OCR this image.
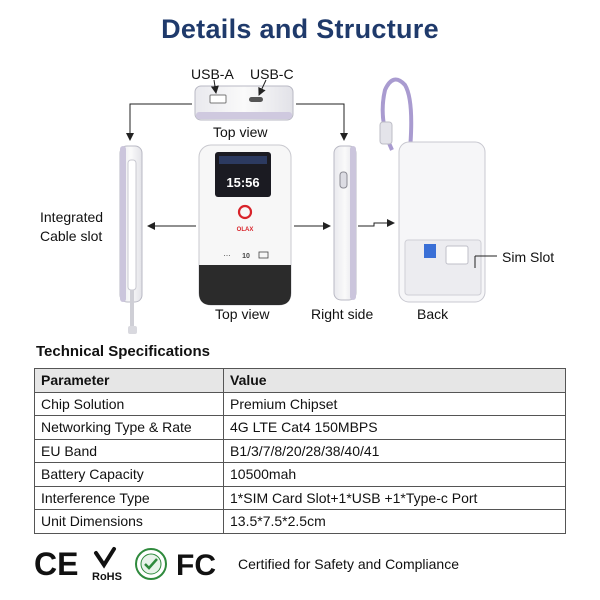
Details and Structure
15:56
OLAX
⋯ 10
USB-A USB-C
Top view
Integrated
Cable slot
Sim Slot
Top view	Right side	Back
Technical Specifications
Parameter	Value
Chip Solution	Premium Chipset
Networking Type & Rate	4G LTE Cat4 150MBPS
EU Band	B1/3/7/8/20/28/38/40/41
Battery Capacity	10500mah
Interference Type	1*SIM Card Slot+1*USB +1*Type-c Port
Unit Dimensions	13.5*7.5*2.5cm
CE RoHS FC Certified for Safety and Compliance
